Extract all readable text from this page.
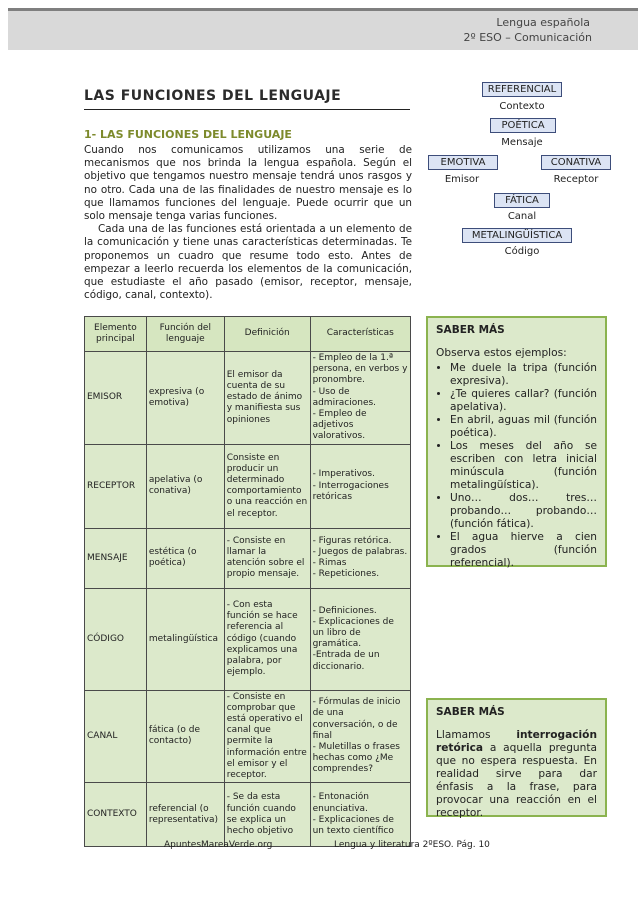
Lengua española
2º ESO – Comunicación
LAS FUNCIONES DEL LENGUAJE
1- LAS FUNCIONES DEL LENGUAJE

Cuando nos comunicamos utilizamos una serie de mecanismos que nos brinda la lengua española. Según el objetivo que tengamos nuestro mensaje tendrá unos rasgos y no otro. Cada una de las finalidades de nuestro mensaje es lo que llamamos funciones del lenguaje. Puede ocurrir que un solo mensaje tenga varias funciones.

Cada una de las funciones está orientada a un elemento de la comunicación y tiene unas características determinadas. Te proponemos un cuadro que resume todo esto. Antes de empezar a leerlo recuerda los elementos de la comunicación, que estudiaste el año pasado (emisor, receptor, mensaje, código, canal, contexto).

REFERENCIAL
Contexto
POÉTICA
Mensaje
EMOTIVA
Emisor
CONATIVA
Receptor
FÁTICA
Canal
METALINGÜÍSTICA
Código
Elemento principal	Función del lenguaje	Definición	Características
EMISOR	expresiva (o emotiva)	El emisor da cuenta de su estado de ánimo y manifiesta sus opiniones	- Empleo de la 1.ª persona, en verbos y pronombre.
- Uso de admiraciones.
- Empleo de adjetivos valorativos.
RECEPTOR	apelativa (o conativa)	Consiste en producir un determinado comportamiento o una reacción en el receptor.	- Imperativos.
- Interrogaciones retóricas
MENSAJE	estética (o poética)	- Consiste en llamar la atención sobre el propio mensaje.	- Figuras retórica.
- Juegos de palabras.
- Rimas
- Repeticiones.
CÓDIGO	metalingüística	- Con esta función se hace referencia al código (cuando explicamos una palabra, por ejemplo.	- Definiciones.
- Explicaciones de un libro de gramática.
-Entrada de un diccionario.
CANAL	fática (o de contacto)	- Consiste en comprobar que está operativo el canal que permite la información entre el emisor y el receptor.	- Fórmulas de inicio de una conversación, o de final
- Muletillas o frases hechas como ¿Me comprendes?
CONTEXTO	referencial (o representativa)	- Se da esta función cuando se explica un hecho objetivo	- Entonación enunciativa.
- Explicaciones de un texto científico
SABER MÁS

Observa estos ejemplos:

• Me duele la tripa (función expresiva).
• ¿Te quieres callar? (función apelativa).
• En abril, aguas mil (función poética).
• Los meses del año se escriben con letra inicial minúscula (función metalingüística).
• Uno… dos… tres… probando… probando… (función fática).
• El agua hierve a cien grados (función referencial).
SABER MÁS

Llamamos interrogación retórica a aquella pregunta que no espera respuesta. En realidad sirve para dar énfasis a la frase, para provocar una reacción en el receptor.

ApuntesMareaVerde.org	Lengua y literatura 2ºESO. Pág. 10
